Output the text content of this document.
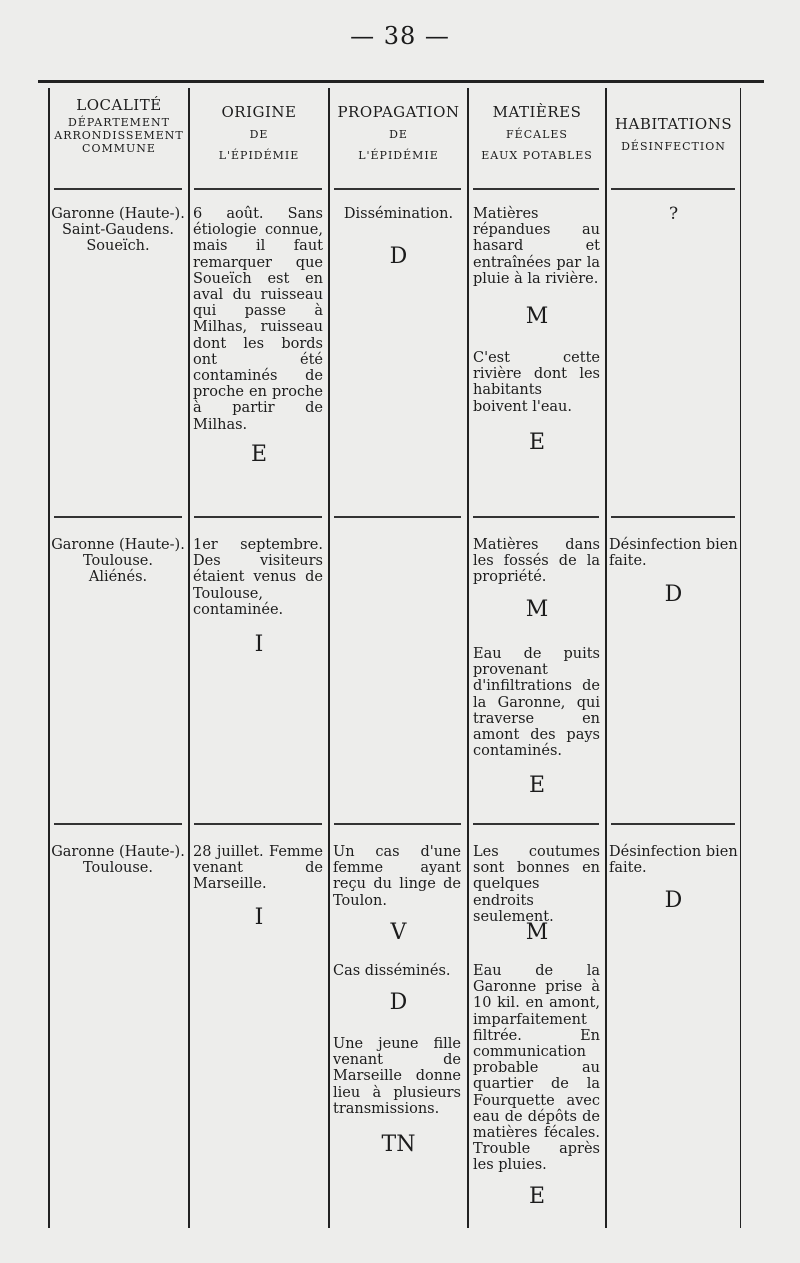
— 38 —
LOCALITÉ
DÉPARTEMENT
ARRONDISSEMENT
COMMUNE
ORIGINE
DE
L'ÉPIDÉMIE
PROPAGATION
DE
L'ÉPIDÉMIE
MATIÈRES
FÉCALES
EAUX POTABLES
HABITATIONS
DÉSINFECTION
Garonne (Haute-).
Saint-Gaudens.
Soueïch.

6 août. Sans étiologie connue, mais il faut remarquer que Soueïch est en aval du ruisseau qui passe à Milhas, ruisseau dont les bords ont été contaminés de proche en proche à partir de Milhas.

E
Dissémination.
D

Matières répandues au hasard et entraînées par la pluie à la rivière.

M

C'est cette rivière dont les habitants boivent l'eau.

E
?
Garonne (Haute-).
Toulouse.
Aliénés.

1er septembre. Des visiteurs étaient venus de Toulouse, contaminée.

I

Matières dans les fossés de la propriété.

M

Eau de puits provenant d'infiltrations de la Garonne, qui traverse en amont des pays contaminés.

E

Désinfection bien faite.

D
Garonne (Haute-).
Toulouse.

28 juillet. Femme venant de Marseille.

I

Un cas d'une femme ayant reçu du linge de Toulon.

V

Cas disséminés.

D

Une jeune fille venant de Marseille donne lieu à plusieurs transmissions.

TN

Les coutumes sont bonnes en quelques endroits seulement.

M

Eau de la Garonne prise à 10 kil. en amont, imparfaitement filtrée. En communication probable au quartier de la Fourquette avec eau de dépôts de matières fécales. Trouble après les pluies.

E

Désinfection bien faite.

D
